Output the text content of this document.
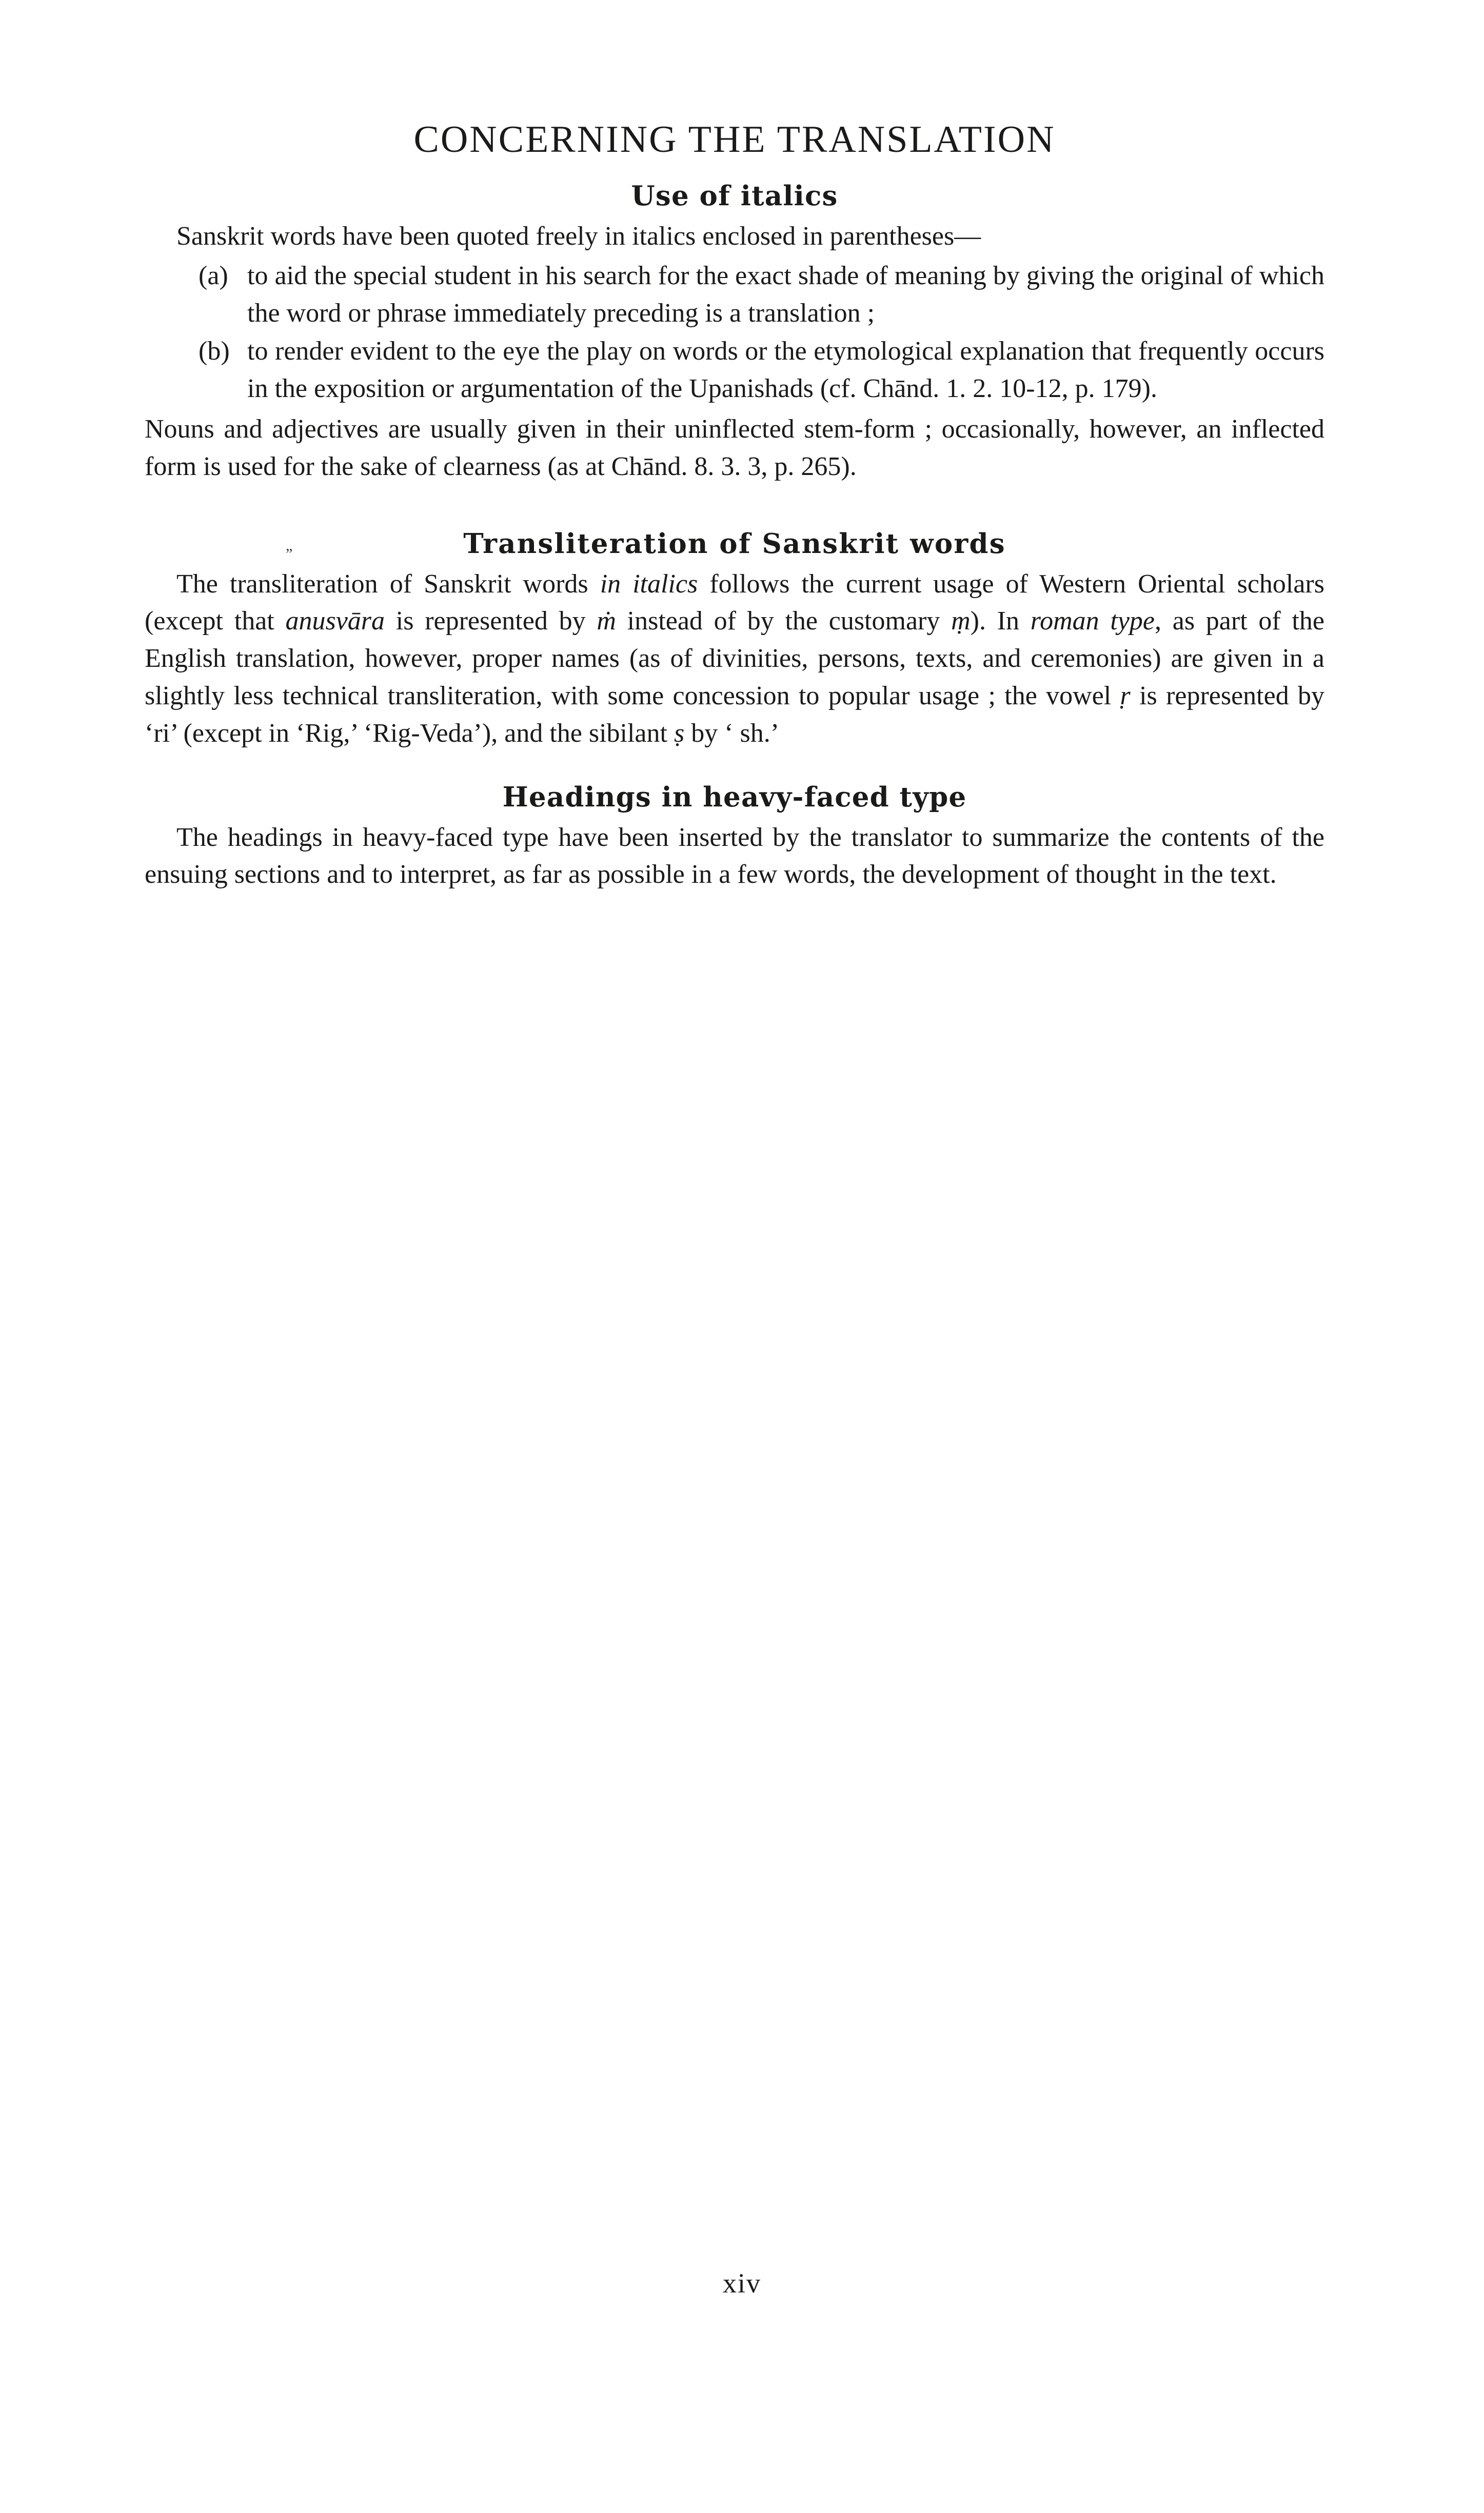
CONCERNING THE TRANSLATION
Use of italics

Sanskrit words have been quoted freely in italics enclosed in parentheses—

(a) to aid the special student in his search for the exact shade of meaning by giving the original of which the word or phrase immediately preceding is a translation ;
(b) to render evident to the eye the play on words or the etymological explanation that frequently occurs in the exposition or argumentation of the Upanishads (cf. Chānd. 1. 2. 10-12, p. 179).

Nouns and adjectives are usually given in their uninflected stem-form ; occasionally, however, an inflected form is used for the sake of clearness (as at Chānd. 8. 3. 3, p. 265).

„	Transliteration of Sanskrit words

The transliteration of Sanskrit words in italics follows the current usage of Western Oriental scholars (except that anusvāra is represented by ṁ instead of by the customary ṃ). In roman type, as part of the English translation, however, proper names (as of divinities, persons, texts, and ceremonies) are given in a slightly less technical transliteration, with some concession to popular usage ; the vowel ṛ is represented by ‘ri’ (except in ‘Rig,’ ‘Rig-Veda’), and the sibilant ṣ by ‘ sh.’

Headings in heavy-faced type

The headings in heavy-faced type have been inserted by the translator to summarize the contents of the ensuing sections and to interpret, as far as possible in a few words, the development of thought in the text.

xiv
